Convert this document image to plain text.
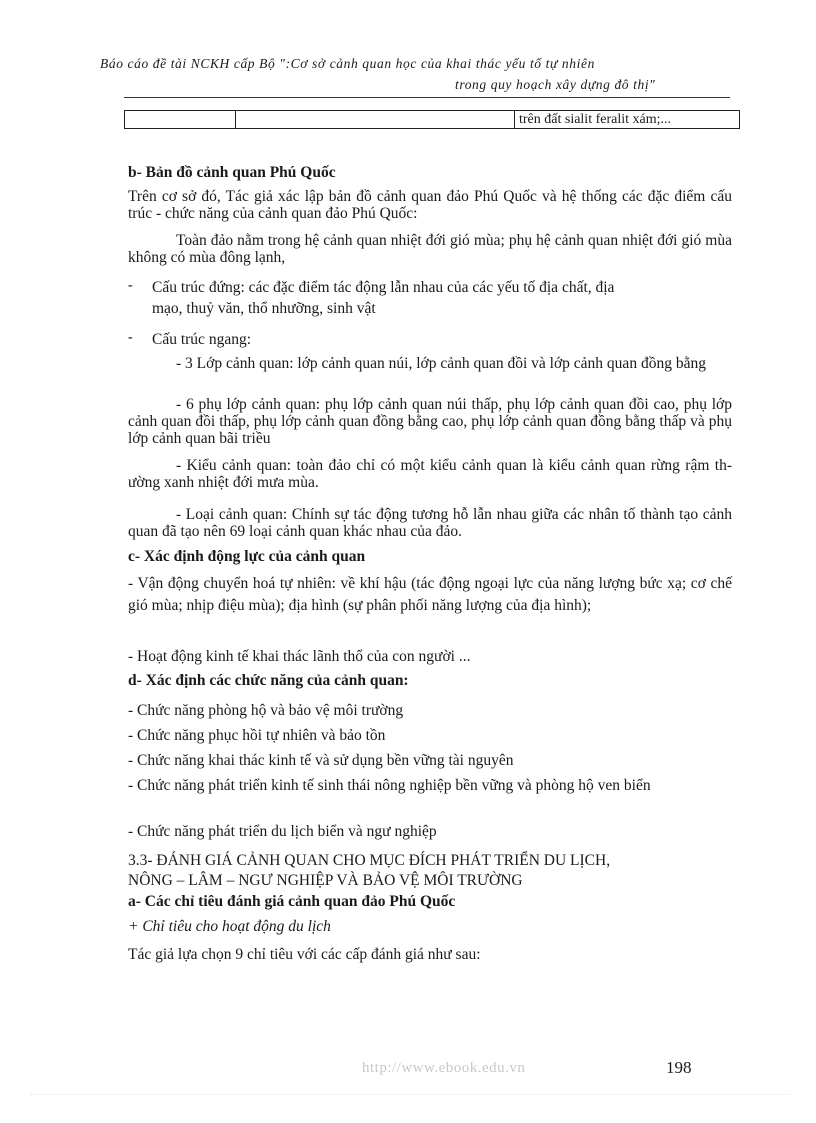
Báo cáo đề tài NCKH cấp Bộ ":Cơ sở cảnh quan học của khai thác yếu tố tự nhiên
trong quy hoạch xây dựng đô thị"
		trên đất sialit feralit xám;...
b- Bản đồ cảnh quan Phú Quốc
Trên cơ sở đó, Tác giả xác lập bản đồ cảnh quan đảo Phú Quốc và hệ thống các đặc điểm cấu trúc - chức năng của cảnh quan đảo Phú Quốc:
Toàn đảo nằm trong hệ cảnh quan nhiệt đới gió mùa; phụ hệ cảnh quan nhiệt đới gió mùa không có mùa đông lạnh,
- Cấu trúc đứng: các đặc điểm tác động lẫn nhau của các yếu tố địa chất, địa
mạo, thuỷ văn, thổ nhưỡng, sinh vật
- Cấu trúc ngang:
- 3 Lớp cảnh quan: lớp cảnh quan núi, lớp cảnh quan đồi và lớp cảnh quan đồng bằng
- 6 phụ lớp cảnh quan: phụ lớp cảnh quan núi thấp, phụ lớp cảnh quan đồi cao, phụ lớp cảnh quan đồi thấp, phụ lớp cảnh quan đồng bằng cao, phụ lớp cảnh quan đồng bằng thấp và phụ lớp cảnh quan bãi triều
- Kiểu cảnh quan: toàn đảo chỉ có một kiểu cảnh quan là kiểu cảnh quan rừng rậm thường xanh nhiệt đới mưa mùa.
- Loại cảnh quan: Chính sự tác động tương hỗ lẫn nhau giữa các nhân tố thành tạo cảnh quan đã tạo nên 69 loại cảnh quan khác nhau của đảo.
c- Xác định động lực của cảnh quan
- Vận động chuyển hoá tự nhiên: về khí hậu (tác động ngoại lực của năng lượng bức xạ; cơ chế gió mùa; nhịp điệu mùa); địa hình (sự phân phối năng lượng của địa hình);
- Hoạt động kinh tế khai thác lãnh thổ của con người ...
d- Xác định các chức năng của cảnh quan:
- Chức năng phòng hộ và bảo vệ môi trường
- Chức năng phục hồi tự nhiên và bảo tồn
- Chức năng khai thác kinh tế và sử dụng bền vững tài nguyên
- Chức năng phát triển kinh tế sinh thái nông nghiệp bền vững và phòng hộ ven biển
- Chức năng phát triển du lịch biển và ngư nghiệp
3.3- ĐÁNH GIÁ CẢNH QUAN CHO MỤC ĐÍCH PHÁT TRIỂN DU LỊCH,
NÔNG – LÂM – NGƯ NGHIỆP VÀ BẢO VỆ MÔI TRƯỜNG
a- Các chỉ tiêu đánh giá cảnh quan đảo Phú Quốc
+ Chỉ tiêu cho hoạt động du lịch
Tác giả lựa chọn 9 chỉ tiêu với các cấp đánh giá như sau:
http://www.ebook.edu.vn	198
